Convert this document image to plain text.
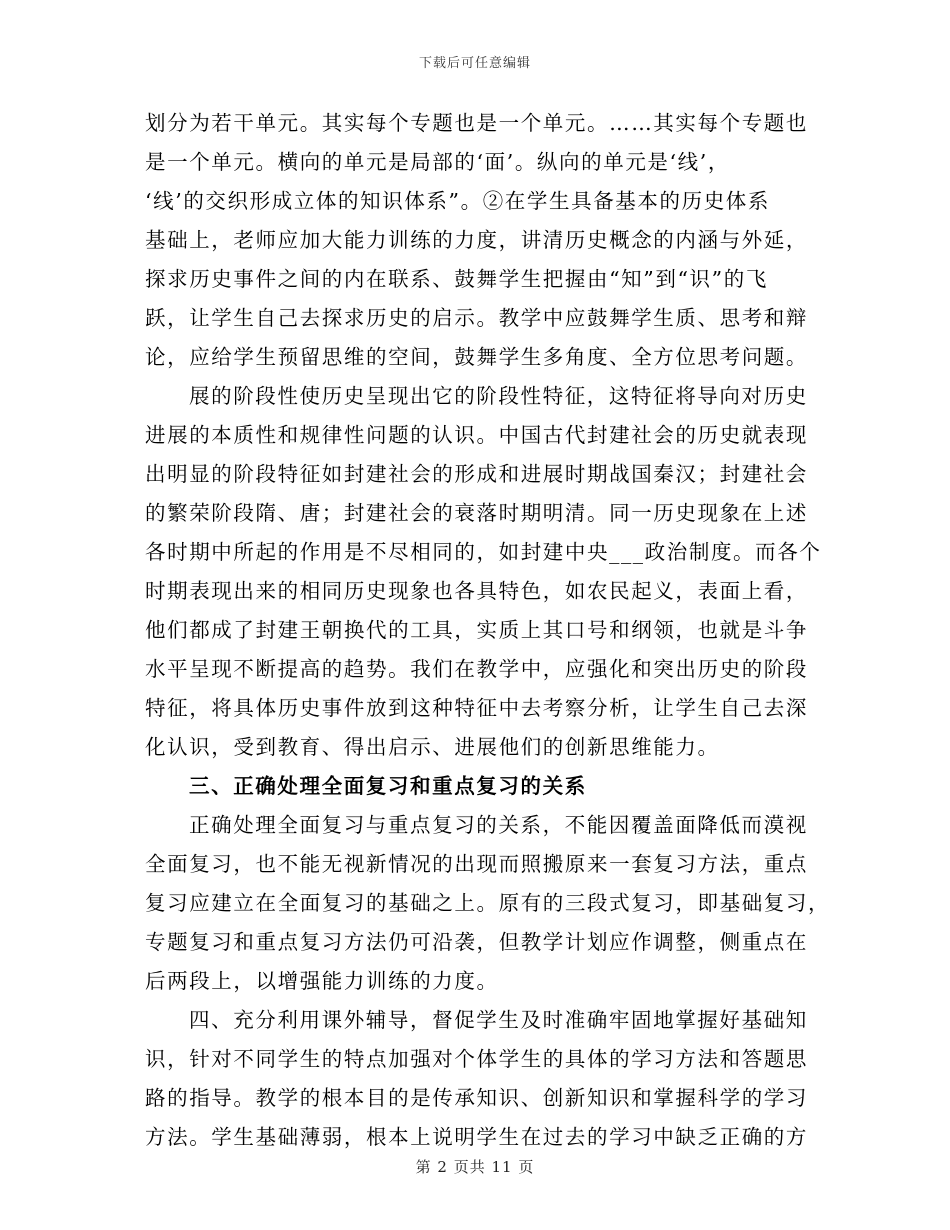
下载后可任意编辑
划分为若干单元。其实每个专题也是一个单元。……其实每个专题也
是一个单元。横向的单元是局部的‘面’。纵向的单元是‘线’，
‘线’的交织形成立体的知识体系”。②在学生具备基本的历史体系
基础上，老师应加大能力训练的力度，讲清历史概念的内涵与外延，
探求历史事件之间的内在联系、鼓舞学生把握由“知”到“识”的飞
跃，让学生自己去探求历史的启示。教学中应鼓舞学生质、思考和辩
论，应给学生预留思维的空间，鼓舞学生多角度、全方位思考问题。
展的阶段性使历史呈现出它的阶段性特征，这特征将导向对历史
进展的本质性和规律性问题的认识。中国古代封建社会的历史就表现
出明显的阶段特征如封建社会的形成和进展时期战国秦汉；封建社会
的繁荣阶段隋、唐；封建社会的衰落时期明清。同一历史现象在上述
各时期中所起的作用是不尽相同的，如封建中央___政治制度。而各个
时期表现出来的相同历史现象也各具特色，如农民起义，表面上看，
他们都成了封建王朝换代的工具，实质上其口号和纲领，也就是斗争
水平呈现不断提高的趋势。我们在教学中，应强化和突出历史的阶段
特征，将具体历史事件放到这种特征中去考察分析，让学生自己去深
化认识，受到教育、得出启示、进展他们的创新思维能力。
三、正确处理全面复习和重点复习的关系
正确处理全面复习与重点复习的关系，不能因覆盖面降低而漠视
全面复习，也不能无视新情况的出现而照搬原来一套复习方法，重点
复习应建立在全面复习的基础之上。原有的三段式复习，即基础复习，
专题复习和重点复习方法仍可沿袭，但教学计划应作调整，侧重点在
后两段上，以增强能力训练的力度。
四、充分利用课外辅导，督促学生及时准确牢固地掌握好基础知
识，针对不同学生的特点加强对个体学生的具体的学习方法和答题思
路的指导。教学的根本目的是传承知识、创新知识和掌握科学的学习
方法。学生基础薄弱，根本上说明学生在过去的学习中缺乏正确的方
第 2 页共 11 页
